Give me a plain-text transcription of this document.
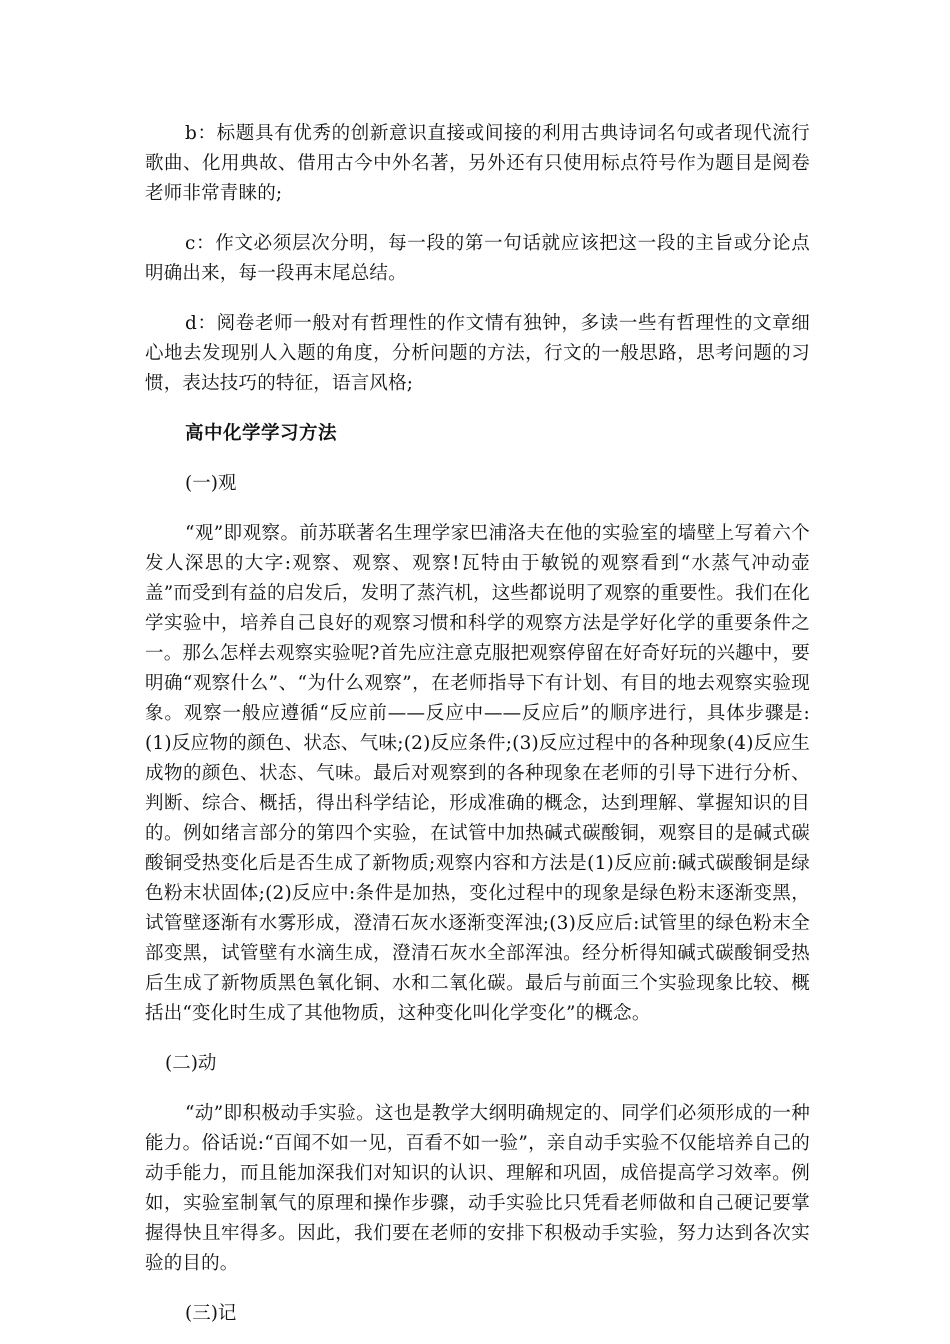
b：标题具有优秀的创新意识直接或间接的利用古典诗词名句或者现代流行歌曲、化用典故、借用古今中外名著，另外还有只使用标点符号作为题目是阅卷老师非常青睐的;

c：作文必须层次分明，每一段的第一句话就应该把这一段的主旨或分论点明确出来，每一段再末尾总结。

d：阅卷老师一般对有哲理性的作文情有独钟，多读一些有哲理性的文章细心地去发现别人入题的角度，分析问题的方法，行文的一般思路，思考问题的习惯，表达技巧的特征，语言风格;

高中化学学习方法

(一)观

“观”即观察。前苏联著名生理学家巴浦洛夫在他的实验室的墙壁上写着六个发人深思的大字:观察、观察、观察!瓦特由于敏锐的观察看到“水蒸气冲动壶盖”而受到有益的启发后，发明了蒸汽机，这些都说明了观察的重要性。我们在化学实验中，培养自己良好的观察习惯和科学的观察方法是学好化学的重要条件之一。那么怎样去观察实验呢?首先应注意克服把观察停留在好奇好玩的兴趣中，要明确“观察什么”、“为什么观察”，在老师指导下有计划、有目的地去观察实验现象。观察一般应遵循“反应前——反应中——反应后”的顺序进行，具体步骤是:(1)反应物的颜色、状态、气味;(2)反应条件;(3)反应过程中的各种现象(4)反应生成物的颜色、状态、气味。最后对观察到的各种现象在老师的引导下进行分析、判断、综合、概括，得出科学结论，形成准确的概念，达到理解、掌握知识的目的。例如绪言部分的第四个实验，在试管中加热碱式碳酸铜，观察目的是碱式碳酸铜受热变化后是否生成了新物质;观察内容和方法是(1)反应前:碱式碳酸铜是绿色粉末状固体;(2)反应中:条件是加热，变化过程中的现象是绿色粉末逐渐变黑，试管壁逐渐有水雾形成，澄清石灰水逐渐变浑浊;(3)反应后:试管里的绿色粉末全部变黑，试管壁有水滴生成，澄清石灰水全部浑浊。经分析得知碱式碳酸铜受热后生成了新物质黑色氧化铜、水和二氧化碳。最后与前面三个实验现象比较、概括出“变化时生成了其他物质，这种变化叫化学变化”的概念。

(二)动

“动”即积极动手实验。这也是教学大纲明确规定的、同学们必须形成的一种能力。俗话说:“百闻不如一见，百看不如一验”，亲自动手实验不仅能培养自己的动手能力，而且能加深我们对知识的认识、理解和巩固，成倍提高学习效率。例如，实验室制氧气的原理和操作步骤，动手实验比只凭看老师做和自己硬记要掌握得快且牢得多。因此，我们要在老师的安排下积极动手实验，努力达到各次实验的目的。

(三)记
